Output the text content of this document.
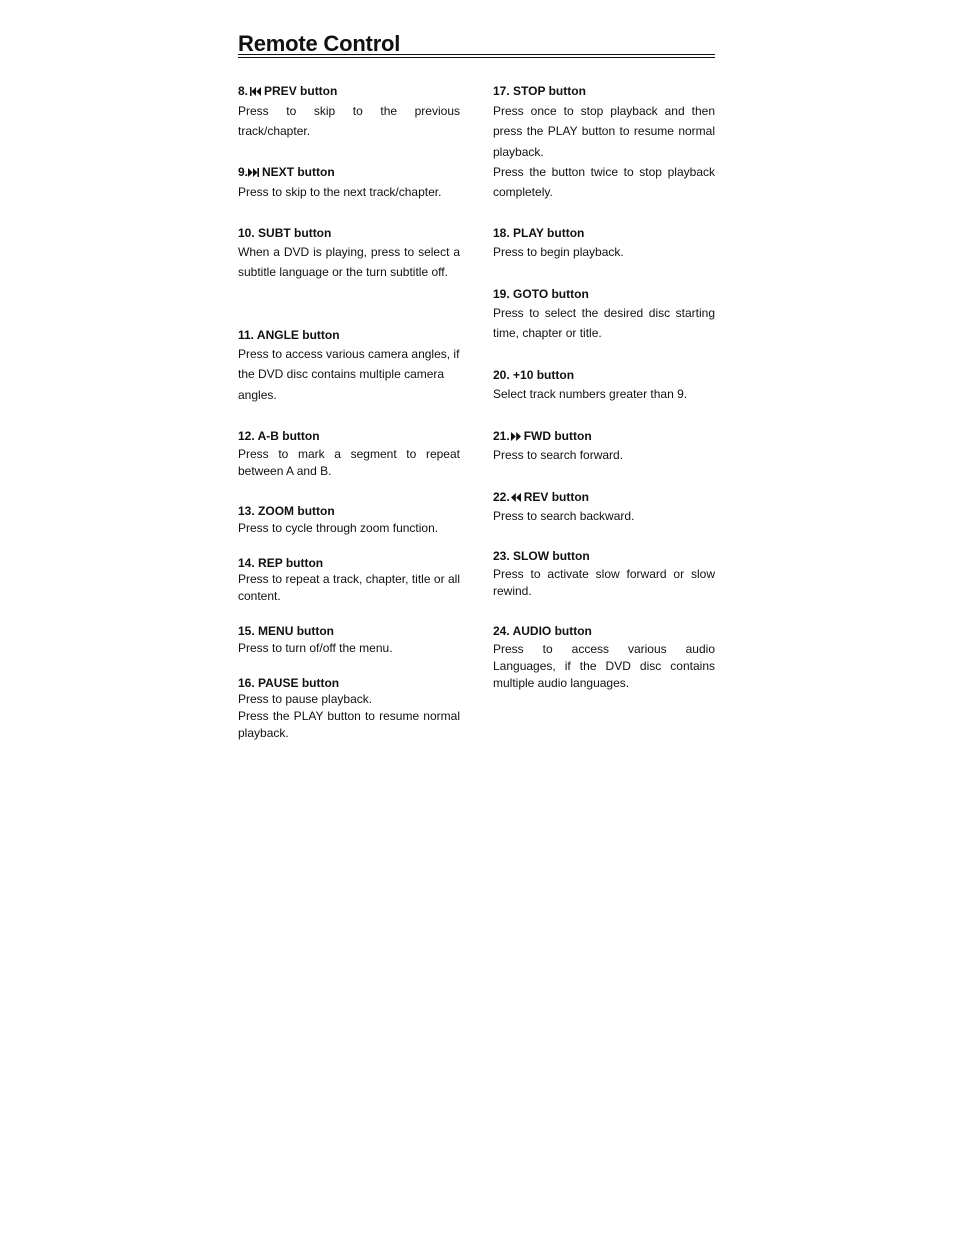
Remote Control
8. PREV button

Press to skip to the previous track/chapter.

9. NEXT button

Press to skip to the next track/chapter.

10. SUBT button

When a DVD is playing, press to select a subtitle language or the turn subtitle off.

11. ANGLE button

Press to access various camera angles, if the DVD disc contains multiple camera angles.

12. A-B button

Press to mark a segment to repeat between A and B.

13. ZOOM button

Press to cycle through zoom function.

14. REP button

Press to repeat a track, chapter, title or all content.

15. MENU button

Press to turn of/off the menu.

16. PAUSE button

Press to pause playback.

Press the PLAY button to resume normal playback.

17. STOP button

Press once to stop playback and then press the PLAY button to resume normal playback.

Press the button twice to stop playback completely.

18. PLAY button

Press to begin playback.

19. GOTO button

Press to select the desired disc starting time, chapter or title.

20. +10 button

Select track numbers greater than 9.

21. FWD button

Press to search forward.

22. REV button

Press to search backward.

23. SLOW button

Press to activate slow forward or slow rewind.

24. AUDIO button

Press to access various audio Languages, if the DVD disc contains multiple audio languages.
